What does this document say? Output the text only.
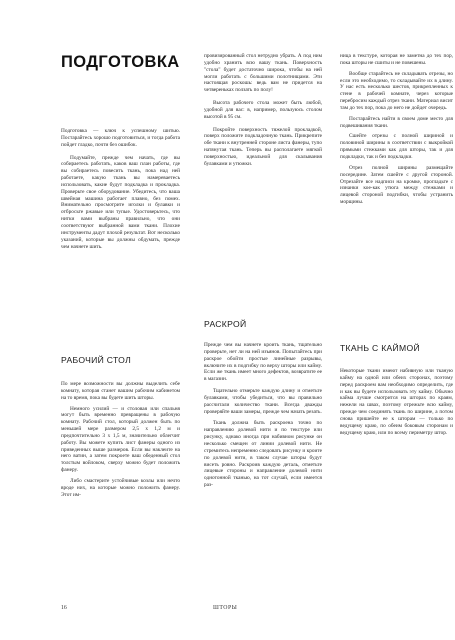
ПОДГОТОВКА

Подготовка — ключ к успешному шитью. Постарайтесь хорошо подготовиться, и тогда работа пойдет гладко, почти без ошибок.

Подумайте, прежде чем начать, где вы собираетесь работать, каков ваш план работы, где вы собираетесь повесить ткань, пока над ней работаете, какую ткань вы намереваетесь использовать, какие будут подкладка и прокладка. Проверьте свое оборудование. Убедитесь, что ваша швейная машина работает плавно, без помех. Внимательно просмотрите иголки и булавки и отбросьте ржавые или тупые. Удостоверьтесь, что нитки вами выбраны правильно, что они соответствуют выбранной вами ткани. Плохие инструменты дадут плохой результат. Вот несколько указаний, которые вы должны обдумать, прежде чем начнете шить.

РАБОЧИЙ СТОЛ

По мере возможности вы должны выделить себе комнату, которая станет вашим рабочим кабинетом на то время, пока вы будете шить шторы.

Немного усилий — и столовая или спальня могут быть временно превращены в рабочую комнату. Рабочий стол, который должен быть по меньшей мере размером 2,5 х 1,2 м и предпочтительно 3 х 1,5 м, значительно облегчит работу. Вы можете купить лист фанеры одного из приведенных выше размеров. Если вы наклеите на него ватин, а затем покроете ваш обеденный стол толстым войлоком, сверху можно будет положить фанеру.

Либо смастерите устойчивые козлы или нечто вроде них, на которые можно положить фанеру. Этот им-

провизированный стол нетрудно убрать. А под ним удобно хранить всю вашу ткань. Поверхность "стола" будет достаточно широка, чтобы на ней могли работать с большими полотнищами. Эти настоящая роскошь: ведь вам не придется на четвереньках ползать по полу!

Высота рабочего стола может быть любой, удобной для вас: в, например, пользуюсь столом высотой в 95 см.

Покройте поверхность тяжелой прокладкой, поверх положите подкладочную ткань. Прикрепите обе ткани к внутренней стороне листа фанеры, тупо натянутая ткань. Теперь вы располагаете мягкой поверхностью, идеальной для скалывания булавками и утюжки.

РАСКРОЙ

Прежде чем вы начнете кроить ткань, тщательно проверьте, нет ли на ней изъянов. Попытайтесь при раскрое обойти простые линейные разрывы, включите их в подгибку по верху шторы или кайму. Если же ткань имеет много дефектов, возвратите ее в магазин.

Тщательно отмерьте каждую длину и отметьте булавками, чтобы убедиться, что вы правильно рассчитали количество ткани. Всегда дважды проверяйте ваши замеры, прежде чем начать резать.

Ткань должна быть раскроена точно по направлению долевой нити и по текстуре или рисунку, однако иногда при набивном рисунке он несколько смещен от линии долевой нити. Не стремитесь непременно следовать рисунку и кроите по долевой нити, в таком случае шторы будут висеть ровно. Раскроив каждую деталь, отметьте лицевые стороны и направление долевой нити однотонной тканью, на тот случай, если имеется раз-

ница в текстуре, которая не заметна до тех пор, пока шторы не сшиты и не повешены.

Вообще старайтесь не складывать отрезы, но если это необходимо, то складывайте их в длину. У нас есть несколько шестов, прикрепленных к стене в рабочей комнате, через которые перебросим каждый отрез ткани. Материал висит там до тех пор, пока до него не дойдет очередь.

Постарайтесь найти в своем доме место для подвешивания ткани.

Сшейте отрезы с полной шириной и половиной ширины в соответствии с выкройкой прямыми стежками как для шторы, так и для подкладки, так и без подкладки.

Отрез полной ширины размещайте посередине. Затем сшейте с другой стороной. Отрезайте все надписи на кромке, прогладьте с изнанки кое-как утюга между стежками и лицевой стороной подгибки, чтобы устранить морщины.

ТКАНЬ С КАЙМОЙ

Некоторые ткани имеют набивную или тканую кайму на одной или обеих сторонах, поэтому перед раскроем вам необходимо определить, где и как вы будете использовать эту кайму. Обычно кайма лучше смотрится на шторах по краям, нежели на швах, поэтому отрежьте всю кайму, прежде чем соединять ткань по ширине, а потом снова пришейте ее к шторам — только по ведущему краю, по обеим боковым сторонам и ведущему краю, или по всему периметру штор.

16	ШТОРЫ
